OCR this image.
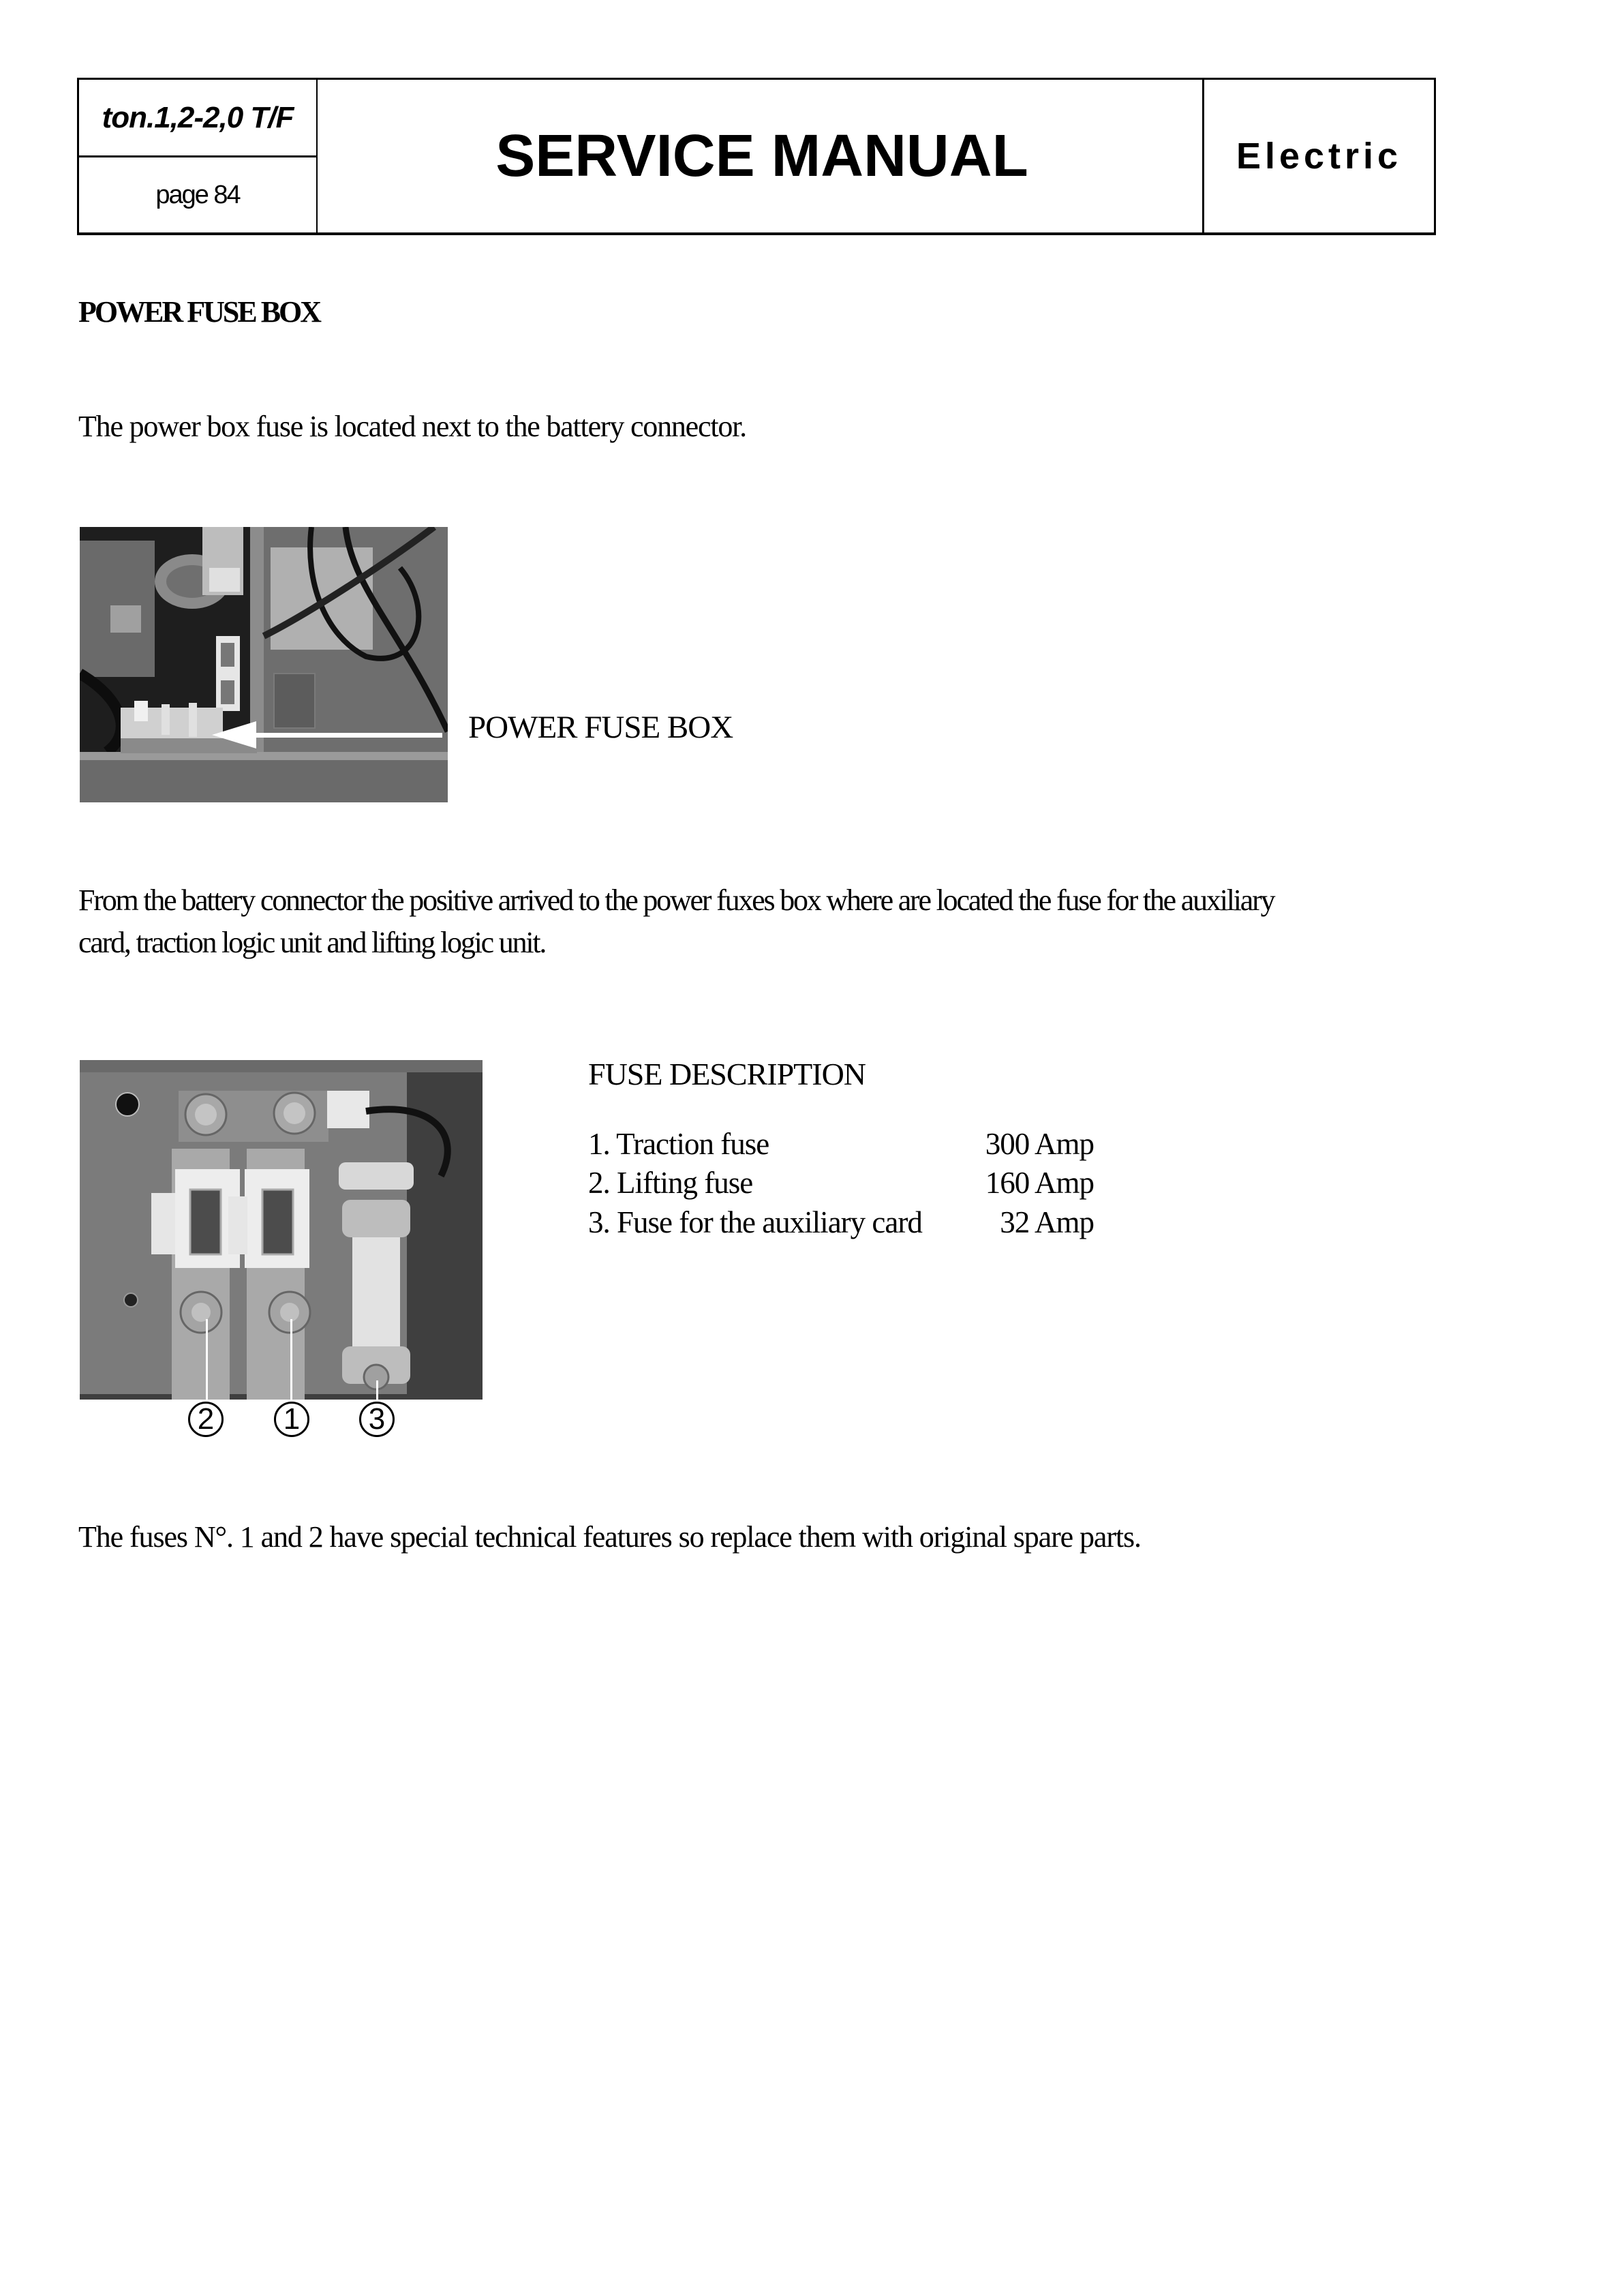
ton.1,2-2,0 T/F
page 84
SERVICE MANUAL	Electric
POWER FUSE BOX
The power box fuse is located next to the battery connector.
POWER FUSE BOX
From the battery connector the positive arrived to the power fuxes box where are located the fuse for the auxiliary
card, traction logic unit and lifting logic unit.
2	1	3
FUSE DESCRIPTION
1. Traction fuse	300 Amp
2. Lifting fuse	160 Amp
3. Fuse for the auxiliary card	32 Amp
The fuses N°. 1 and 2 have special technical features so replace them with original spare parts.
